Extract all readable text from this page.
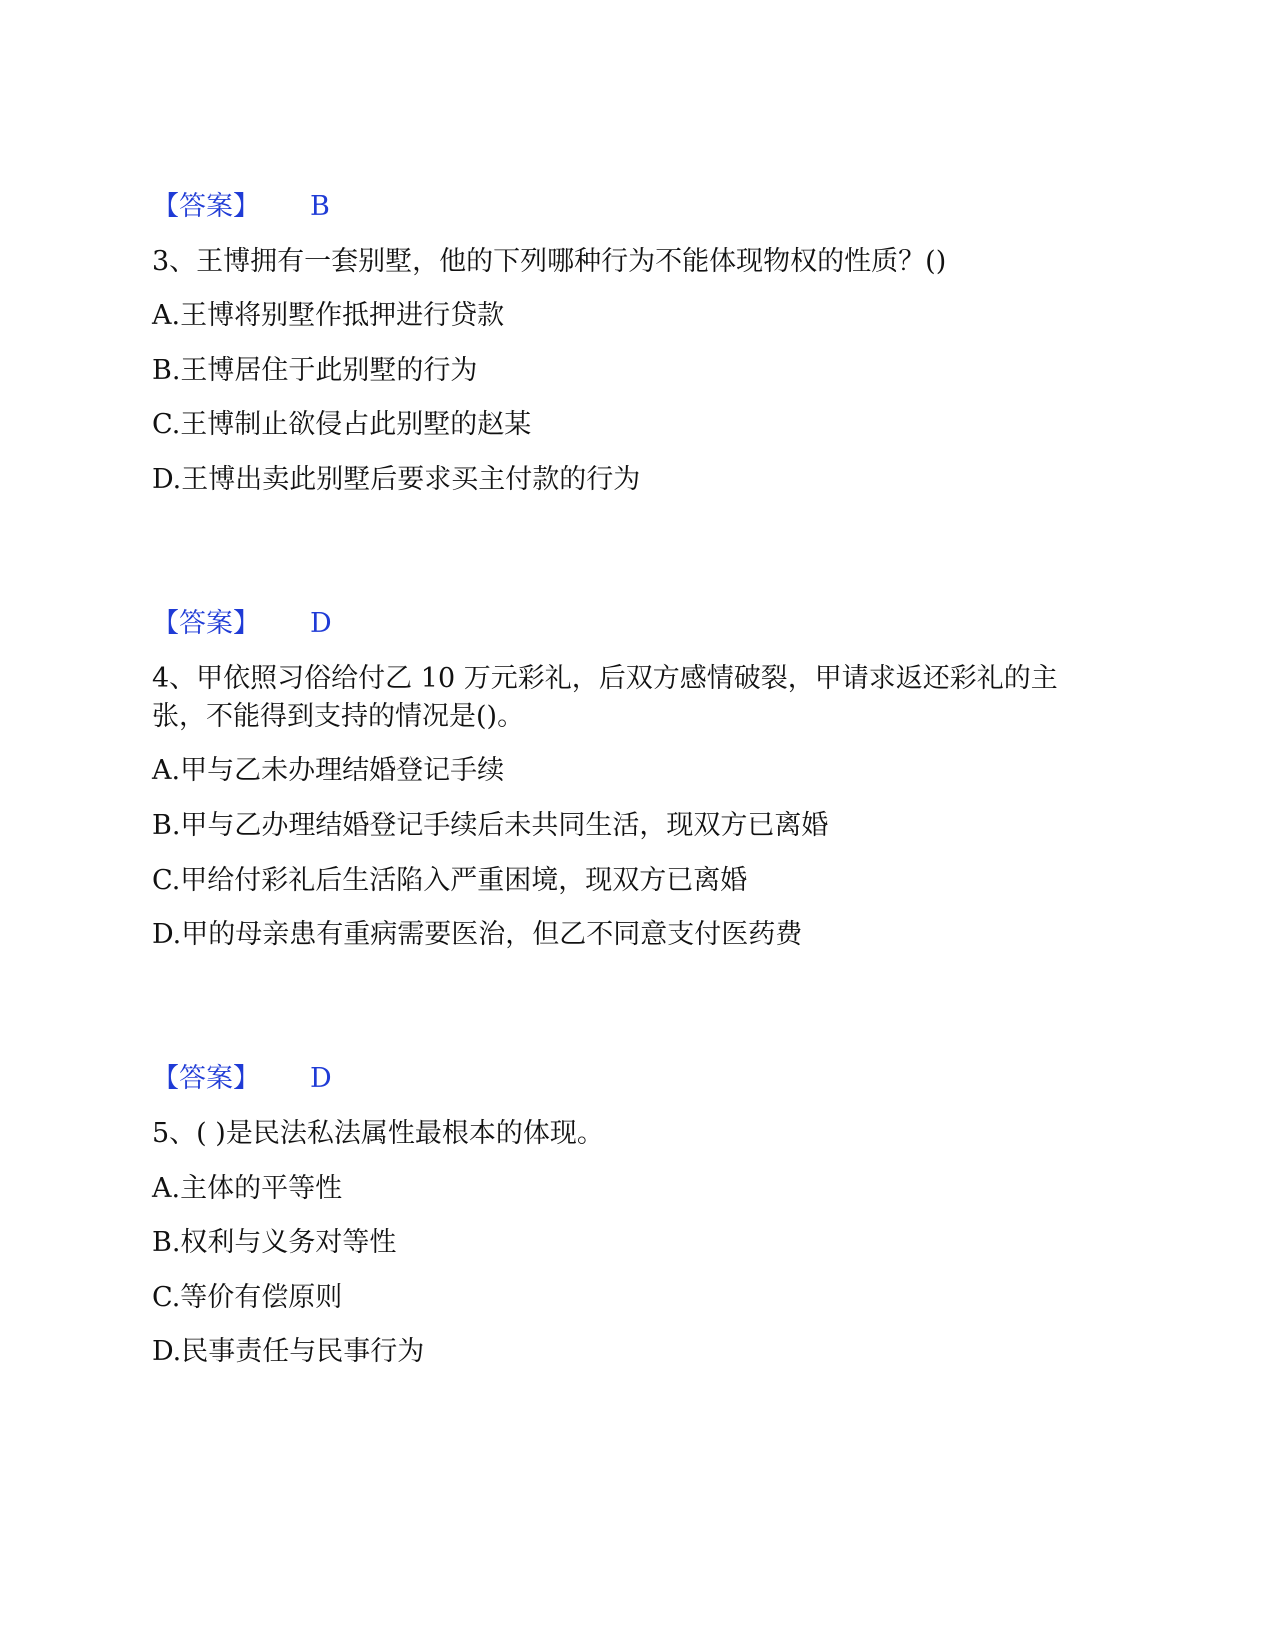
【答案】 B
3、王博拥有一套别墅，他的下列哪种行为不能体现物权的性质？()
A.王博将别墅作抵押进行贷款
B.王博居住于此别墅的行为
C.王博制止欲侵占此别墅的赵某
D.王博出卖此别墅后要求买主付款的行为
【答案】 D
4、甲依照习俗给付乙 10 万元彩礼，后双方感情破裂，甲请求返还彩礼的主
张，不能得到支持的情况是()。
A.甲与乙未办理结婚登记手续
B.甲与乙办理结婚登记手续后未共同生活，现双方已离婚
C.甲给付彩礼后生活陷入严重困境，现双方已离婚
D.甲的母亲患有重病需要医治，但乙不同意支付医药费
【答案】 D
5、( )是民法私法属性最根本的体现。
A.主体的平等性
B.权利与义务对等性
C.等价有偿原则
D.民事责任与民事行为
